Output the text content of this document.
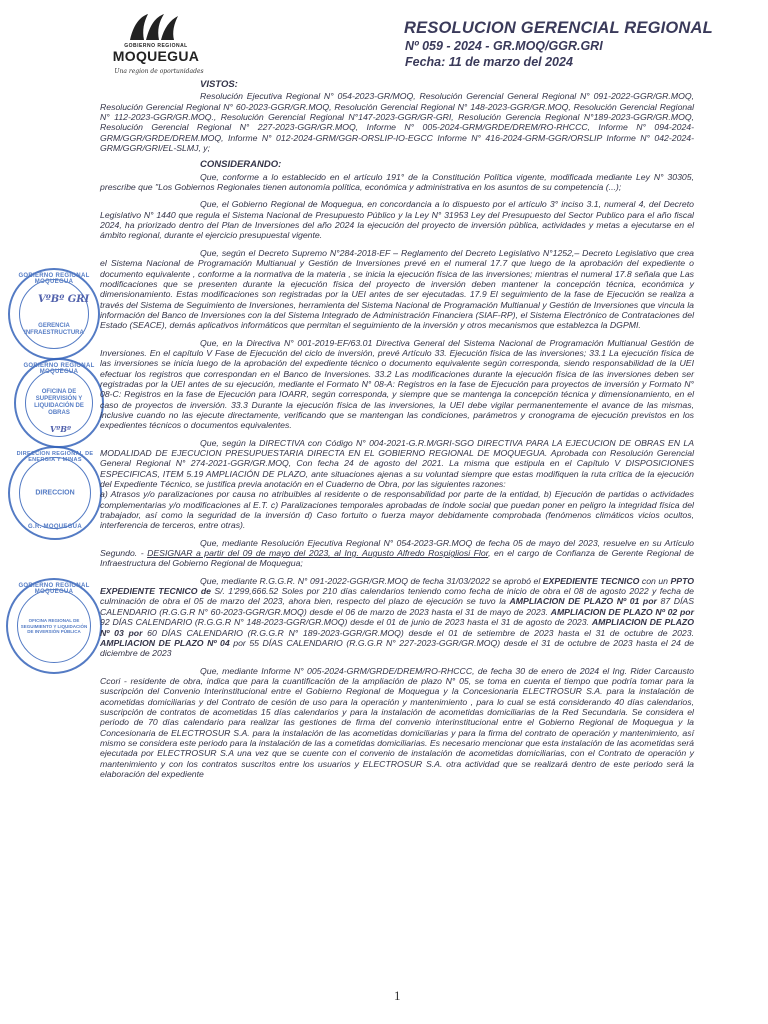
GOBIERNO REGIONAL
MOQUEGUA
Una region de oportunidades
RESOLUCION GERENCIAL REGIONAL
Nº 059 - 2024 - GR.MOQ/GGR.GRI
Fecha: 11 de marzo del 2024
GOBIERNO REGIONAL MOQUEGUA
GERENCIA INFRAESTRUCTURA
VºBº GRI
GOBIERNO REGIONAL MOQUEGUA
OFICINA DE SUPERVISIÓN Y LIQUIDACIÓN DE OBRAS
VºBº
DIRECCION REGIONAL DE ENERGIA Y MINAS
DIRECCION
G.R. MOQUEGUA
GOBIERNO REGIONAL MOQUEGUA
OFICINA REGIONAL DE SEGUIMIENTO Y LIQUIDACIÓN DE INVERSIÓN PÚBLICA
VISTOS:
Resolución Ejecutiva Regional N° 054-2023-GR/MOQ, Resolución Gerencial General Regional N° 091-2022-GGR/GR.MOQ, Resolución Gerencial Regional N° 60-2023-GGR/GR.MOQ, Resolución Gerencial Regional N° 148-2023-GGR/GR.MOQ, Resolución Gerencial Regional N° 112-2023-GGR/GR.MOQ., Resolución Gerencial Regional N°147-2023-GGR/GR-GRI, Resolución Gerencia Regional N°189-2023-GGR/GR.MOQ, Resolución Gerencial Regional N° 227-2023-GGR/GR.MOQ, Informe N° 005-2024-GRM/GRDE/DREM/RO-RHCCC, Informe N° 094-2024-GRM/GGR/GRDE/DREM.MOQ, Informe N° 012-2024-GRM/GGR-ORSLIP-IO-EGCC Informe N° 416-2024-GRM-GGR/ORSLIP Informe N° 042-2024-GRM/GGR/GRI/EL-SLMJ, y;
CONSIDERANDO:
Que, conforme a lo establecido en el artículo 191° de la Constitución Política vigente, modificada mediante Ley N° 30305, prescribe que "Los Gobiernos Regionales tienen autonomía política, económica y administrativa en los asuntos de su competencia (...);
Que, el Gobierno Regional de Moquegua, en concordancia a lo dispuesto por el artículo 3° inciso 3.1, numeral 4, del Decreto Legislativo N° 1440 que regula el Sistema Nacional de Presupuesto Público y la Ley N° 31953 Ley del Presupuesto del Sector Publico para el año fiscal 2024, ha priorizado dentro del Plan de Inversiones del año 2024 la ejecución del proyecto de inversión pública, actividades y metas a ejecutarse en el ámbito regional, durante el ejercicio presupuestal vigente.
Que, según el Decreto Supremo N°284-2018-EF – Reglamento del Decreto Legislativo N°1252,– Decreto Legislativo que crea el Sistema Nacional de Programación Multianual y Gestión de Inversiones prevé en el numeral 17.7 que luego de la aprobación del expediente o documento equivalente , conforme a la normativa de la materia , se inicia la ejecución física de las inversiones; mientras el numeral 17.8 señala que Las modificaciones que se presenten durante la ejecución física del proyecto de inversión deben mantener la concepción técnica, económica y dimensionamiento. Estas modificaciones son registradas por la UEI antes de ser ejecutadas. 17.9 El seguimiento de la fase de Ejecución se realiza a través del Sistema de Seguimiento de Inversiones, herramienta del Sistema Nacional de Programación Multianual y Gestión de Inversiones que vincula la información del Banco de Inversiones con la del Sistema Integrado de Administración Financiera (SIAF-RP), el Sistema Electrónico de Contrataciones del Estado (SEACE), demás aplicativos informáticos que permitan el seguimiento de la inversión y otros mecanismos que establezca la DGPMI.
Que, en la Directiva N° 001-2019-EF/63.01 Directiva General del Sistema Nacional de Programación Multianual Gestión de Inversiones. En el capítulo V Fase de Ejecución del ciclo de inversión, prevé Artículo 33. Ejecución física de las inversiones; 33.1 La ejecución física de las inversiones se inicia luego de la aprobación del expediente técnico o documento equivalente según corresponda, siendo responsabilidad de la UEI efectuar los registros que correspondan en el Banco de Inversiones. 33.2 Las modificaciones durante la ejecución física de las inversiones deben ser registradas por la UEI antes de su ejecución, mediante el Formato N° 08-A: Registros en la fase de Ejecución para proyectos de inversión y Formato N° 08-C: Registros en la fase de Ejecución para IOARR, según corresponda, y siempre que se mantenga la concepción técnica y dimensionamiento, en el caso de proyectos de inversión. 33.3 Durante la ejecución física de las inversiones, la UEI debe vigilar permanentemente el avance de las mismas, inclusive cuando no las ejecute directamente, verificando que se mantengan las condiciones, parámetros y cronograma de ejecución previstos en los expedientes técnicos o documentos equivalentes.
Que, según la DIRECTIVA con Código N° 004-2021-G.R.M/GRI-SGO DIRECTIVA PARA LA EJECUCION DE OBRAS EN LA MODALIDAD DE EJECUCION PRESUPUESTARIA DIRECTA EN EL GOBIERNO REGIONAL DE MOQUEGUA. Aprobada con Resolución Gerencial General Regional N° 274-2021-GGR/GR.MOQ, Con fecha 24 de agosto del 2021. La misma que estipula en el Capítulo V DISPOSICIONES ESPECIFICAS, ITEM 5.19 AMPLIACIÓN DE PLAZO, ante situaciones ajenas a su voluntad siempre que estas modifiquen la ruta crítica de la ejecución del Expediente Técnico, se justifica previa anotación en el Cuaderno de Obra, por las siguientes razones:
a) Atrasos y/o paralizaciones por causa no atribuibles al residente o de responsabilidad por parte de la entidad, b) Ejecución de partidas o actividades complementarias y/o modificaciones al E.T. c) Paralizaciones temporales aprobadas de índole social que puedan poner en peligro la integridad física del trabajador, así como la seguridad de la inversión d) Caso fortuito o fuerza mayor debidamente comprobada (fenómenos climáticos vicios ocultos, interferencia de terceros, entre otras).
Que, mediante Resolución Ejecutiva Regional N° 054-2023-GR.MOQ de fecha 05 de mayo del 2023, resuelve en su Artículo Segundo. - DESIGNAR a partir del 09 de mayo del 2023, al Ing. Augusto Alfredo Rospigliosi Flor, en el cargo de Confianza de Gerente Regional de Infraestructura del Gobierno Regional de Moquegua;
Que, mediante R.G.G.R. N° 091-2022-GGR/GR.MOQ de fecha 31/03/2022 se aprobó el EXPEDIENTE TECNICO con un PPTO EXPEDIENTE TECNICO de S/. 1'299,666.52 Soles por 210 días calendarios teniendo como fecha de inicio de obra el 08 de agosto 2022 y fecha de culminación de obra el 05 de marzo del 2023, ahora bien, respecto del plazo de ejecución se tuvo la AMPLIACION DE PLAZO Nº 01 por 87 DÍAS CALENDARIO (R.G.G.R N° 60-2023-GGR/GR.MOQ) desde el 06 de marzo de 2023 hasta el 31 de mayo de 2023. AMPLIACION DE PLAZO Nº 02 por 92 DÍAS CALENDARIO (R.G.G.R N° 148-2023-GGR/GR.MOQ) desde el 01 de junio de 2023 hasta el 31 de agosto de 2023. AMPLIACION DE PLAZO Nº 03 por 60 DÍAS CALENDARIO (R.G.G.R N° 189-2023-GGR/GR.MOQ) desde el 01 de setiembre de 2023 hasta el 31 de octubre de 2023. AMPLIACION DE PLAZO Nº 04 por 55 DÍAS CALENDARIO (R.G.G.R N° 227-2023-GGR/GR.MOQ) desde el 31 de octubre de 2023 hasta el 24 de diciembre de 2023
Que, mediante Informe N° 005-2024-GRM/GRDE/DREM/RO-RHCCC, de fecha 30 de enero de 2024 el Ing. Rider Carcausto Ccori - residente de obra, indica que para la cuantificación de la ampliación de plazo N° 05, se toma en cuenta el tiempo que podría tomar para la suscripción del Convenio Interinstitucional entre el Gobierno Regional de Moquegua y la Concesionaria ELECTROSUR S.A. para la instalación de acometidas domiciliarias y del Contrato de cesión de uso para la operación y mantenimiento , para lo cual se está considerando 40 días calendarios, suscripción de contratos de acometidas 15 días calendarios y para la instalación de acometidas domiciliarias de la Red Secundaria. Se considera el periodo de 70 días calendario para realizar las gestiones de firma del convenio interinstitucional entre el Gobierno Regional de Moquegua y la Concesionaria de ELECTROSUR S.A. para la instalación de las acometidas domiciliarias y para la firma del contrato de operación y mantenimiento, así mismo se considera este periodo para la instalación de las a cometidas domiciliarias. Es necesario mencionar que esta instalación de las acometidas será ejecutada por ELECTROSUR S.A una vez que se cuente con el convenio de instalación de acometidas domiciliarias, con el Contrato de operación y mantenimiento y con los contratos suscritos entre los usuarios y ELECTROSUR S.A. otra actividad que se realizará dentro de este periodo será la elaboración del expediente
1
